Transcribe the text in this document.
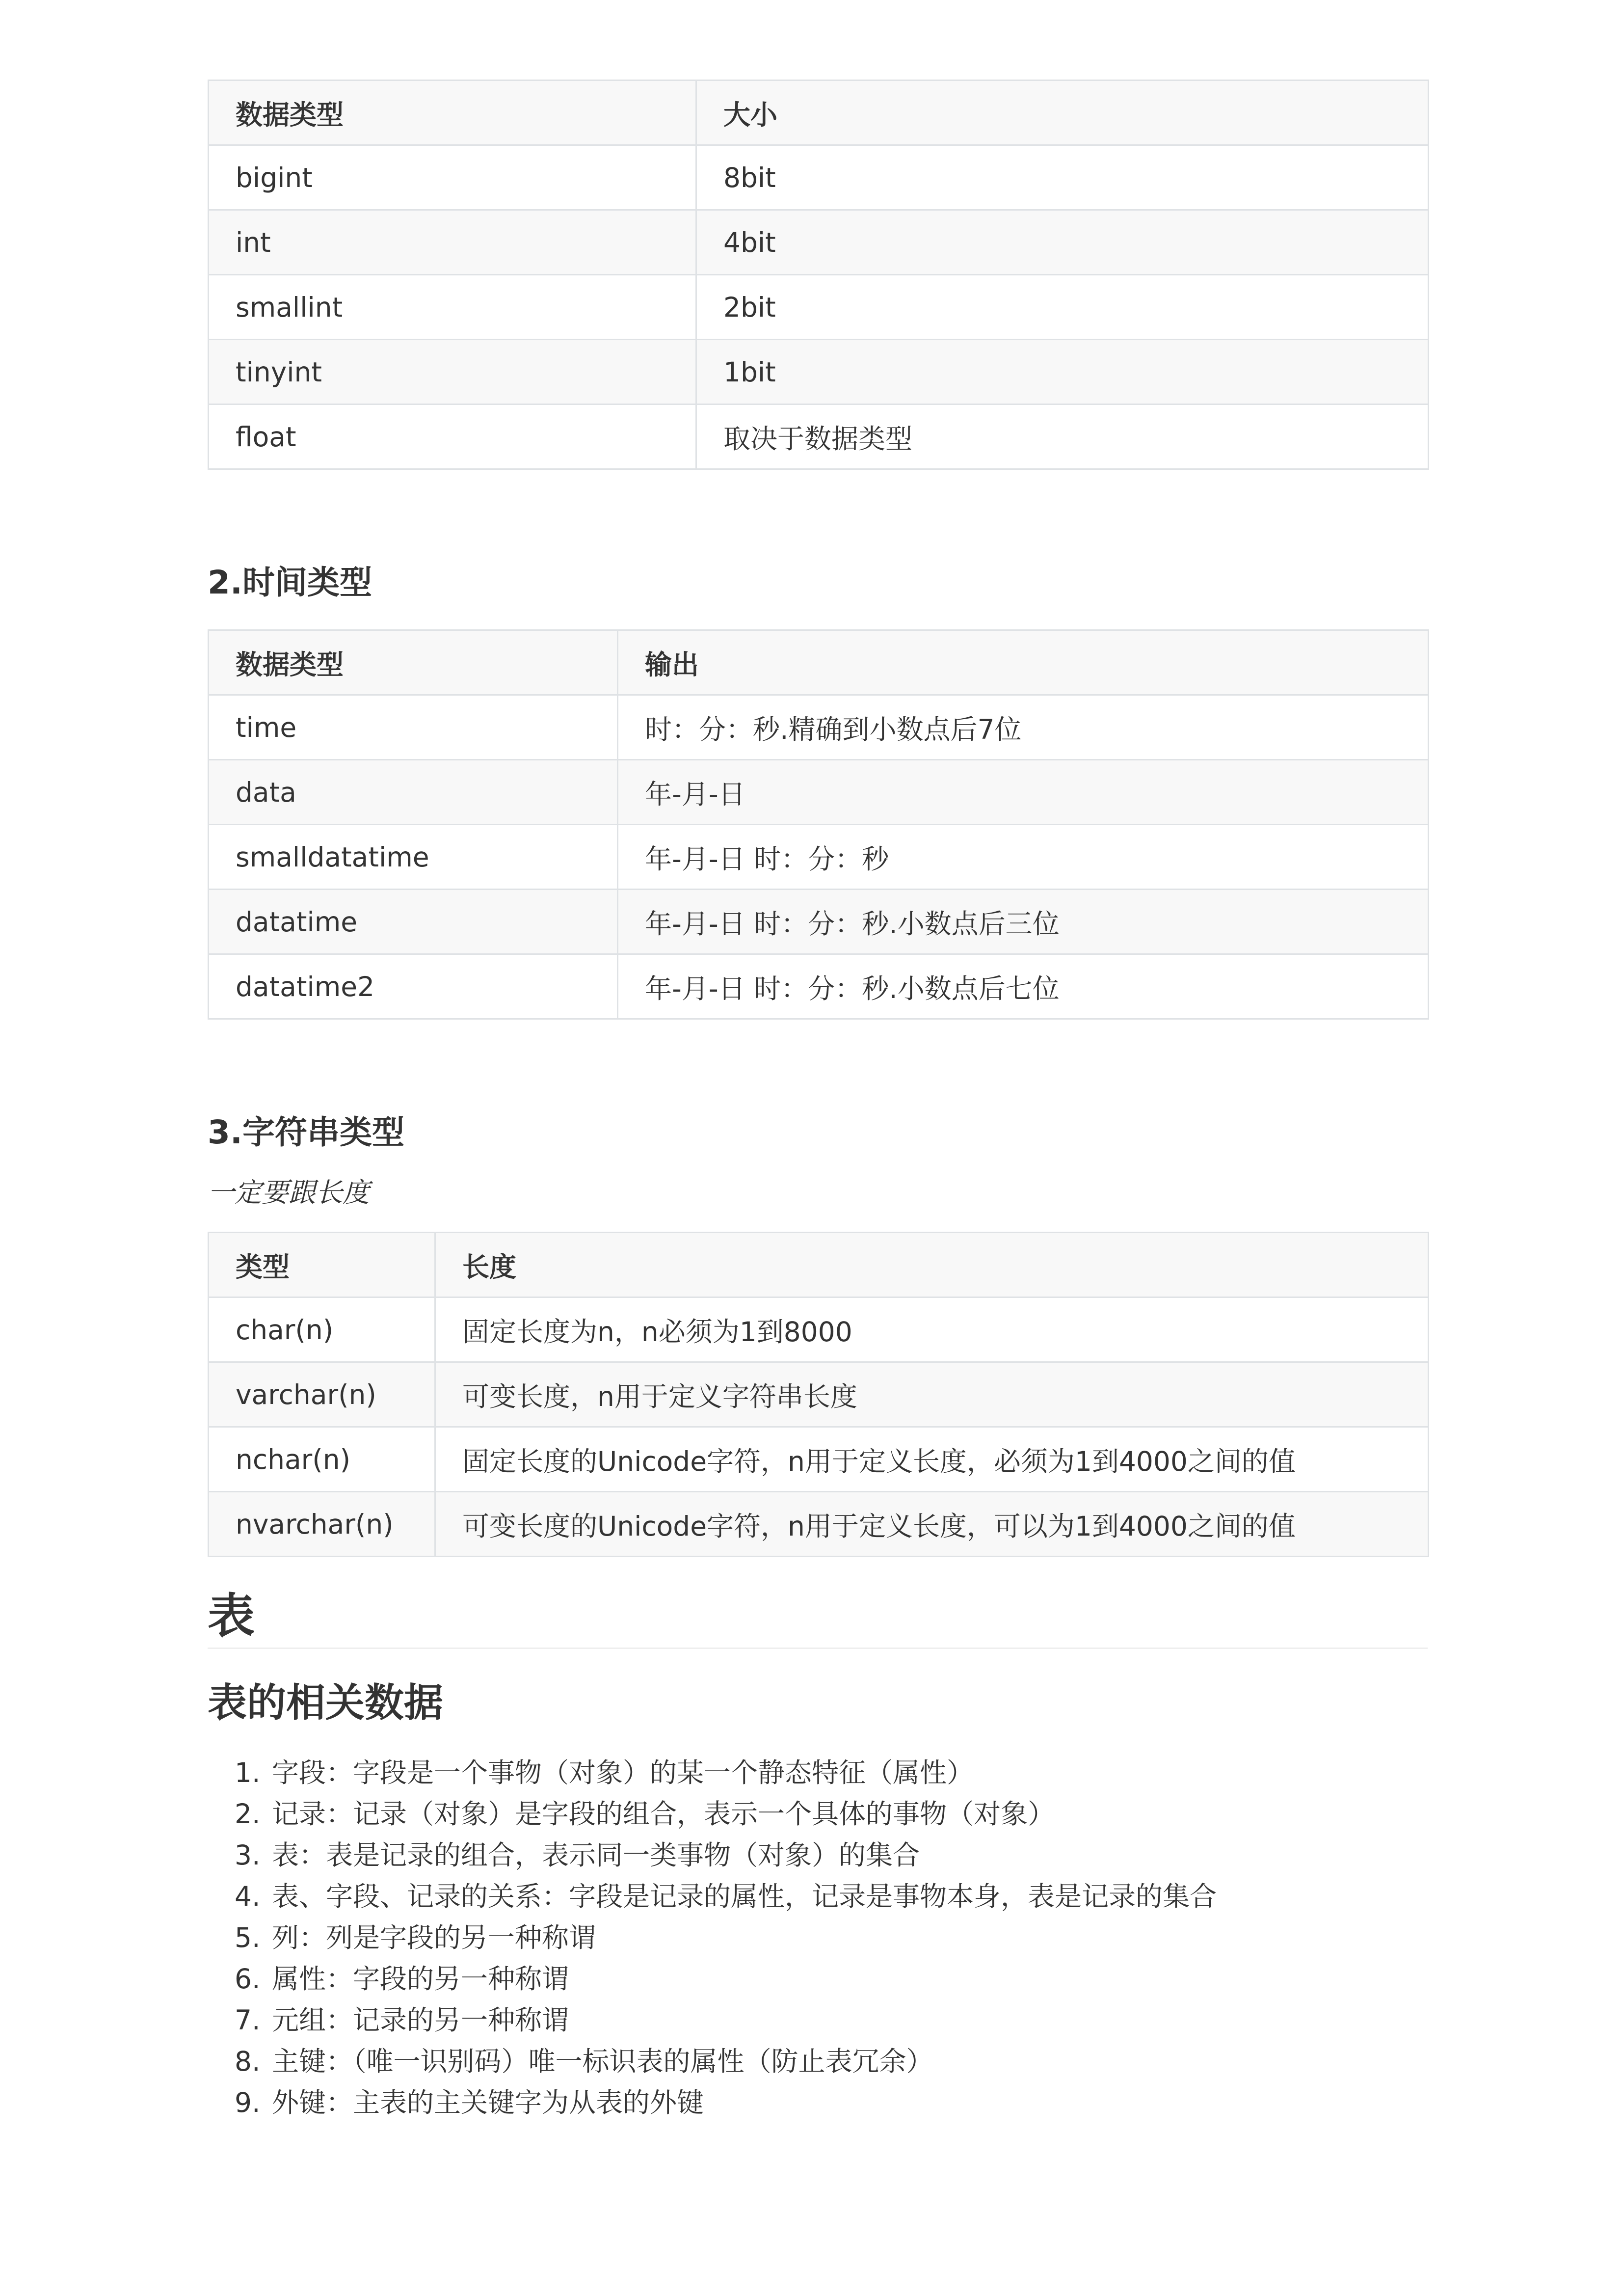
数据类型	大小
bigint	8bit
int	4bit
smallint	2bit
tinyint	1bit
float	取决于数据类型
2.时间类型
数据类型	输出
time	时：分：秒.精确到小数点后7位
data	年-月-日
smalldatatime	年-月-日 时：分：秒
datatime	年-月-日 时：分：秒.小数点后三位
datatime2	年-月-日 时：分：秒.小数点后七位
3.字符串类型

一定要跟长度

类型	长度
char(n)	固定长度为n，n必须为1到8000
varchar(n)	可变长度，n用于定义字符串长度
nchar(n)	固定长度的Unicode字符，n用于定义长度，必须为1到4000之间的值
nvarchar(n)	可变长度的Unicode字符，n用于定义长度，可以为1到4000之间的值
表
表的相关数据
1. 字段：字段是一个事物（对象）的某一个静态特征（属性）
2. 记录：记录（对象）是字段的组合，表示一个具体的事物（对象）
3. 表：表是记录的组合，表示同一类事物（对象）的集合
4. 表、字段、记录的关系：字段是记录的属性，记录是事物本身，表是记录的集合
5. 列：列是字段的另一种称谓
6. 属性：字段的另一种称谓
7. 元组：记录的另一种称谓
8. 主键：（唯一识别码）唯一标识表的属性（防止表冗余）
9. 外键：主表的主关键字为从表的外键
